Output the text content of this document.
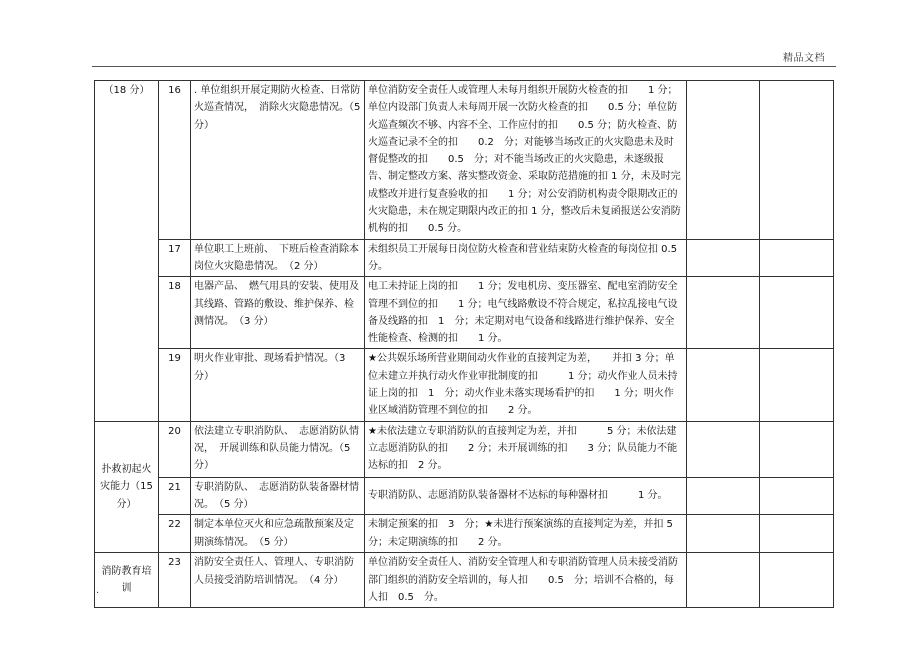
精品文档
（18 分）	16	. 单位组织开展定期防火检查、日常防火巡查情况，　消除火灾隐患情况。（5 分）	单位消防安全责任人或管理人未每月组织开展防火检查的扣　　1 分；单位内设部门负责人未每周开展一次防火检查的扣　　0.5 分；单位防火巡查频次不够、内容不全、工作应付的扣　　0.5 分；防火检查、防火巡查记录不全的扣　　0.2　分；对能够当场改正的火灾隐患未及时督促整改的扣　　0.5　分；对不能当场改正的火灾隐患，未逐级报告、制定整改方案、落实整改资金、采取防范措施的扣 1 分，未及时完成整改并进行复查验收的扣　　1 分；对公安消防机构责令限期改正的火灾隐患，未在规定期限内改正的扣 1 分，整改后未复函报送公安消防机构的扣　　0.5 分。		
	17	单位职工上班前、　下班后检查消除本岗位火灾隐患情况。　（2 分）	未组织员工开展每日岗位防火检查和营业结束防火检查的每岗位扣 0.5 分。		
	18	电器产品、　燃气用具的安装、使用及其线路、管路的敷设、维护保养、检测情况。　（3 分）	电工未持证上岗的扣　　1 分；发电机房、变压器室、配电室消防安全管理不到位的扣　　1 分；电气线路敷设不符合规定，私拉乱接电气设备及线路的扣　1　分；未定期对电气设备和线路进行维护保养、安全性能检查、检测的扣　　1 分。		
	19	明火作业审批、现场看护情况。（3 分）	★公共娱乐场所营业期间动火作业的直接判定为差，　　并扣 3 分；单位未建立并执行动火作业审批制度的扣　　　1 分；动火作业人员未持证上岗的扣　1　分；动火作业未落实现场看护的扣　　1 分；明火作业区域消防管理不到位的扣　　2 分。		
扑救初起火灾能力（15 分）	20	依法建立专职消防队、　志愿消防队情况，　开展训练和队员能力情况。（5 分）	★未依法建立专职消防队的直接判定为差，并扣　　　5 分；未依法建立志愿消防队的扣　　2 分；未开展训练的扣　　3 分；队员能力不能达标的扣　2 分。		
	21	专职消防队、　志愿消防队装备器材情况。　（5 分）	专职消防队、志愿消防队装备器材不达标的每种器材扣　　　1 分。		
	22	制定本单位灭火和应急疏散预案及定期演练情况。　（5 分）	未制定预案的扣　3　分；★未进行预案演练的直接判定为差，并扣 5 分；未定期演练的扣　　2 分。		
消防教育培训	23	消防安全责任人、管理人、专职消防人员接受消防培训情况。　（4 分）	单位消防安全责任人、消防安全管理人和专职消防管理人员未接受消防部门组织的消防安全培训的，每人扣　　0.5　分；培训不合格的，每人扣　0.5　分。		
.
